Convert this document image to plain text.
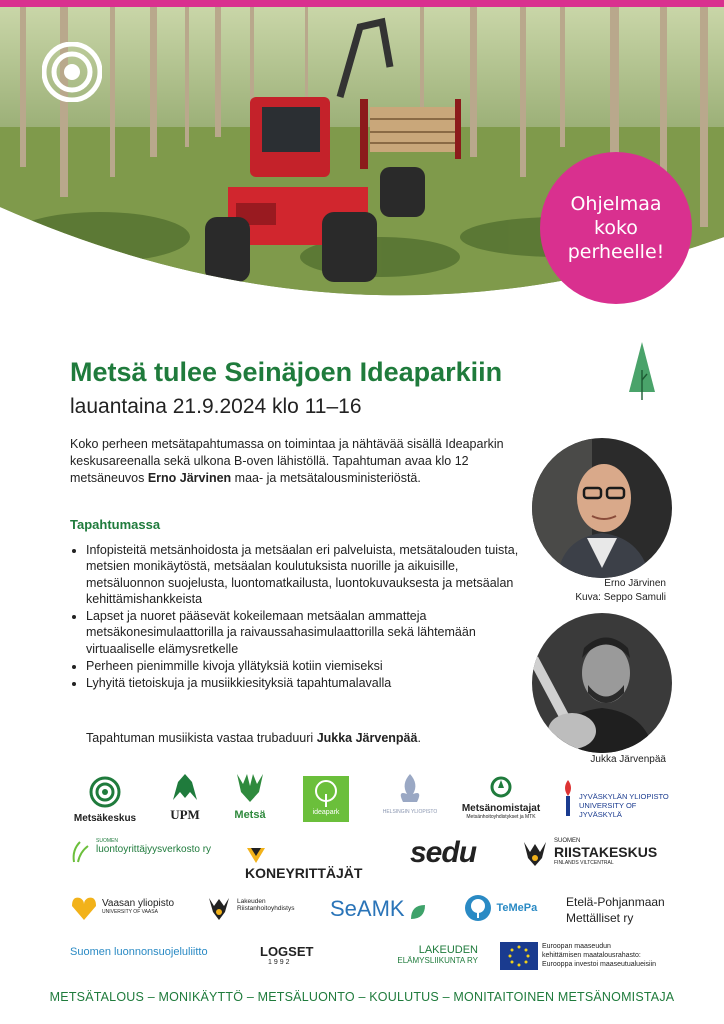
Ohjelmaa
koko
perheelle!
Metsä tulee Seinäjoen Ideaparkiin
lauantaina 21.9.2024 klo 11–16
Koko perheen metsätapahtumassa on toimintaa ja nähtävää sisällä Ideaparkin keskusareenalla sekä ulkona B-oven lähistöllä. Tapahtuman avaa klo 12 metsäneuvos Erno Järvinen maa- ja metsätalousministeriöstä.
Tapahtumassa
• Infopisteitä metsänhoidosta ja metsäalan eri palveluista, metsätalouden tuista, metsien monikäytöstä, metsäalan koulutuksista nuorille ja aikuisille, metsäluonnon suojelusta, luontomatkailusta, luontokuvauksesta ja metsäalan kehittämishankkeista
• Lapset ja nuoret pääsevät kokeilemaan metsäalan ammatteja metsäkonesimulaattorilla ja raivaussahasimulaattorilla sekä lähtemään virtuaaliselle elämysretkelle
• Perheen pienimmille kivoja yllätyksiä kotiin viemiseksi
• Lyhyitä tietoiskuja ja musiikkiesityksiä tapahtumalavalla
Tapahtuman musiikista vastaa trubaduuri Jukka Järvenpää.
Erno Järvinen
Kuva: Seppo Samuli
Jukka Järvenpää
Metsäkeskus	UPM	Metsä	ideapark	HELSINGIN YLIOPISTO	Metsänomistajat
Metsänhoitoyhdistykset ja MTK
JYVÄSKYLÄN YLIOPISTO
UNIVERSITY OF JYVÄSKYLÄ
SUOMEN
luontoyrittäjyysverkosto ry
KONEYRITTÄJÄT
sedu	SUOMEN
RIISTAKESKUS
FINLANDS VILTCENTRAL
Vaasan yliopisto
UNIVERSITY OF VAASA
Lakeuden
Riistanhoitoyhdistys	SeAMK	TeMePa	Etelä-Pohjanmaan
Mettälliset ry
Suomen luonnonsuojeluliitto	LOGSET
1992
LAKEUDEN
ELÄMYSLIIKUNTA RY
Euroopan maaseudun
kehittämisen maatalousrahasto:
Eurooppa investoi maaseutualueisiin
METSÄTALOUS – MONIKÄYTTÖ – METSÄLUONTO – KOULUTUS – MONITAITOINEN METSÄNOMISTAJA
